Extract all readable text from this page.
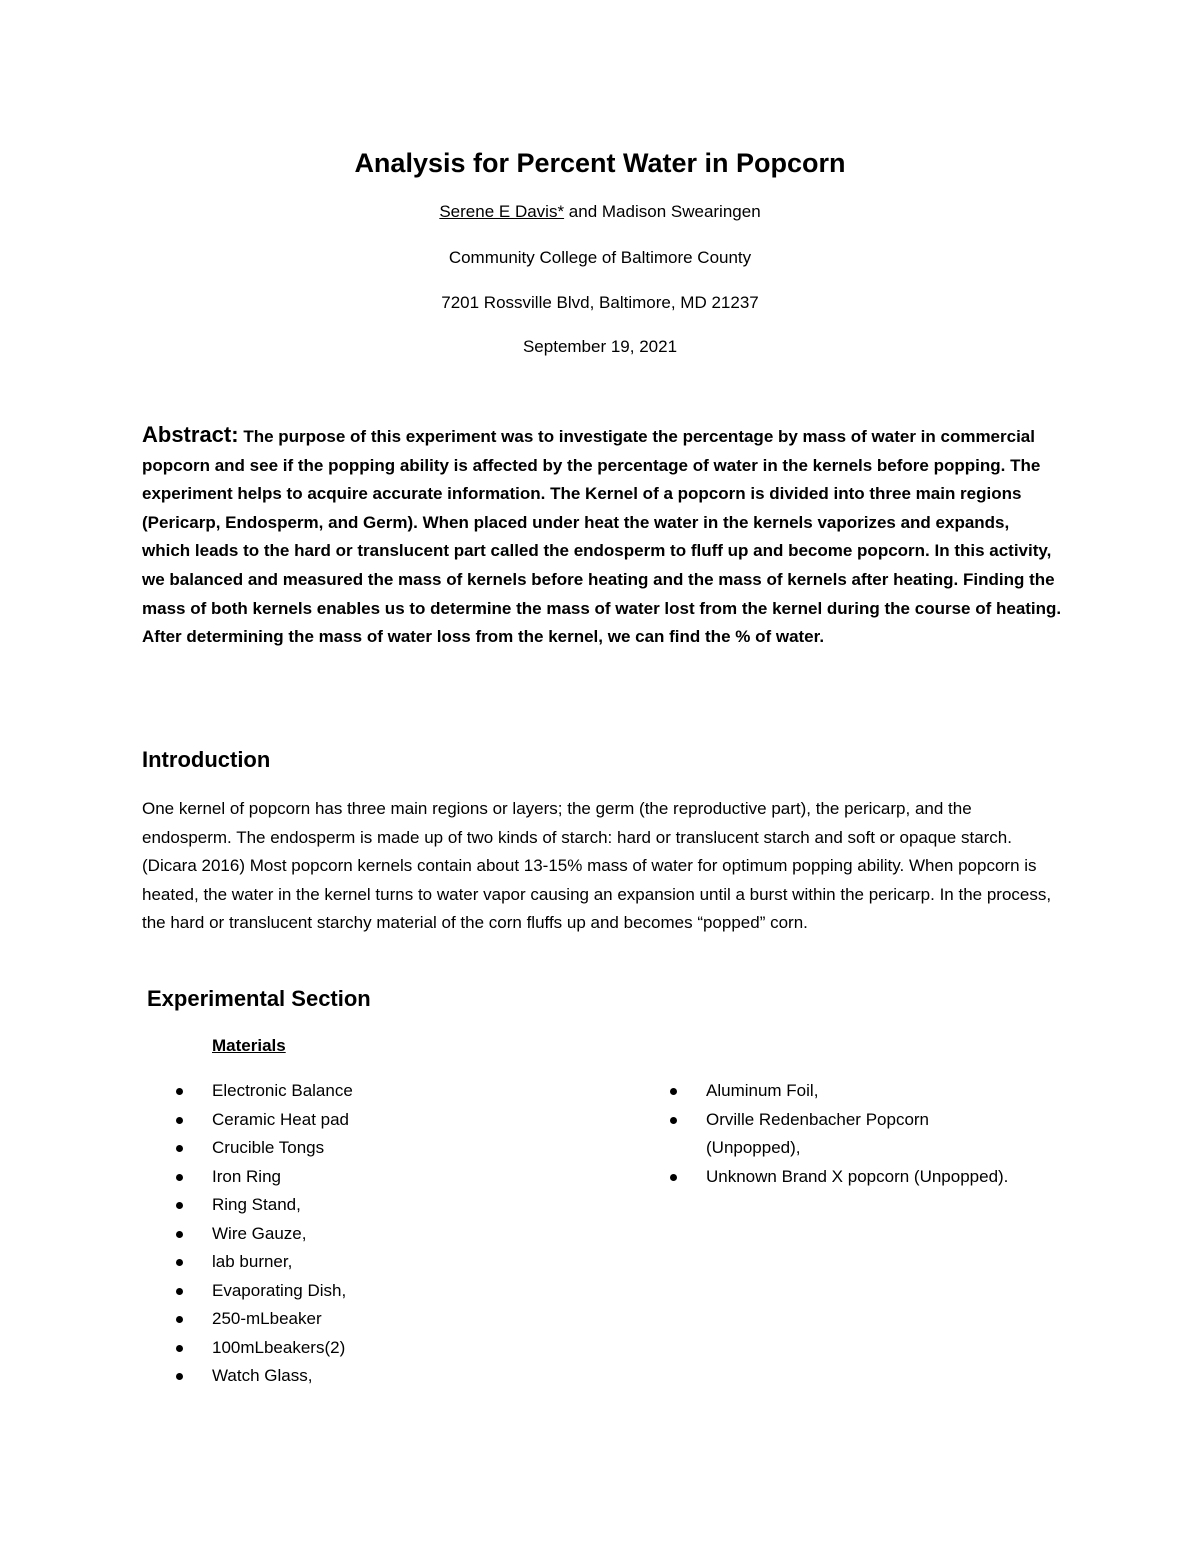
Analysis for Percent Water in Popcorn
Serene E Davis* and Madison Swearingen
Community College of Baltimore County
7201 Rossville Blvd, Baltimore, MD 21237
September 19, 2021
Abstract: The purpose of this experiment was to investigate the percentage by mass of water in commercial popcorn and see if the popping ability is affected by the percentage of water in the kernels before popping. The experiment helps to acquire accurate information. The Kernel of a popcorn is divided into three main regions (Pericarp, Endosperm, and Germ). When placed under heat the water in the kernels vaporizes and expands, which leads to the hard or translucent part called the endosperm to fluff up and become popcorn. In this activity, we balanced and measured the mass of kernels before heating and the mass of kernels after heating. Finding the mass of both kernels enables us to determine the mass of water lost from the kernel during the course of heating. After determining the mass of water loss from the kernel, we can find the % of water.
Introduction
One kernel of popcorn has three main regions or layers; the germ (the reproductive part), the pericarp, and the endosperm. The endosperm is made up of two kinds of starch: hard or translucent starch and soft or opaque starch. (Dicara 2016) Most popcorn kernels contain about 13-15% mass of water for optimum popping ability. When popcorn is heated, the water in the kernel turns to water vapor causing an expansion until a burst within the pericarp. In the process, the hard or translucent starchy material of the corn fluffs up and becomes “popped” corn.
Experimental Section
Materials
Electronic Balance
Ceramic Heat pad
Crucible Tongs
Iron Ring
Ring Stand,
Wire Gauze,
lab burner,
Evaporating Dish,
250-mLbeaker
100mLbeakers(2)
Watch Glass,
Aluminum Foil,
Orville Redenbacher Popcorn (Unpopped),
Unknown Brand X popcorn (Unpopped).
